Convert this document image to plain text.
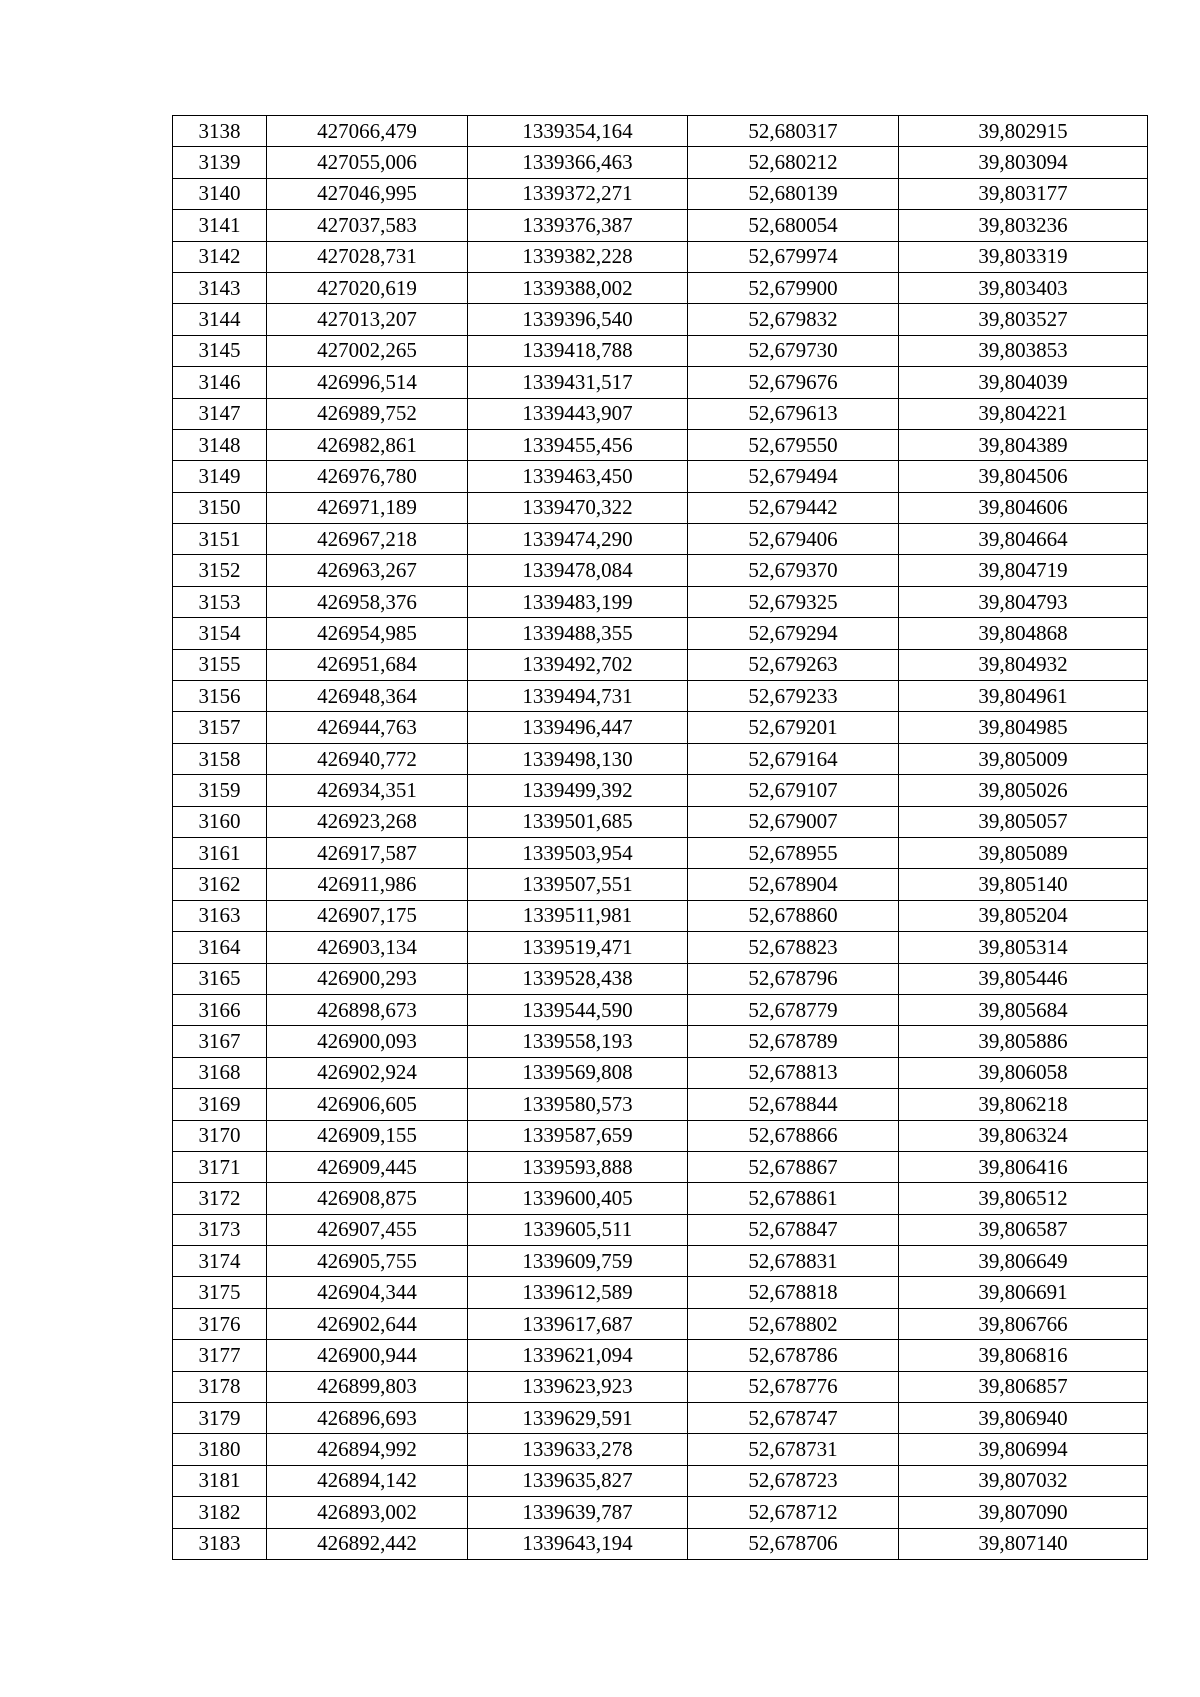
3138	427066,479	1339354,164	52,680317	39,802915
3139	427055,006	1339366,463	52,680212	39,803094
3140	427046,995	1339372,271	52,680139	39,803177
3141	427037,583	1339376,387	52,680054	39,803236
3142	427028,731	1339382,228	52,679974	39,803319
3143	427020,619	1339388,002	52,679900	39,803403
3144	427013,207	1339396,540	52,679832	39,803527
3145	427002,265	1339418,788	52,679730	39,803853
3146	426996,514	1339431,517	52,679676	39,804039
3147	426989,752	1339443,907	52,679613	39,804221
3148	426982,861	1339455,456	52,679550	39,804389
3149	426976,780	1339463,450	52,679494	39,804506
3150	426971,189	1339470,322	52,679442	39,804606
3151	426967,218	1339474,290	52,679406	39,804664
3152	426963,267	1339478,084	52,679370	39,804719
3153	426958,376	1339483,199	52,679325	39,804793
3154	426954,985	1339488,355	52,679294	39,804868
3155	426951,684	1339492,702	52,679263	39,804932
3156	426948,364	1339494,731	52,679233	39,804961
3157	426944,763	1339496,447	52,679201	39,804985
3158	426940,772	1339498,130	52,679164	39,805009
3159	426934,351	1339499,392	52,679107	39,805026
3160	426923,268	1339501,685	52,679007	39,805057
3161	426917,587	1339503,954	52,678955	39,805089
3162	426911,986	1339507,551	52,678904	39,805140
3163	426907,175	1339511,981	52,678860	39,805204
3164	426903,134	1339519,471	52,678823	39,805314
3165	426900,293	1339528,438	52,678796	39,805446
3166	426898,673	1339544,590	52,678779	39,805684
3167	426900,093	1339558,193	52,678789	39,805886
3168	426902,924	1339569,808	52,678813	39,806058
3169	426906,605	1339580,573	52,678844	39,806218
3170	426909,155	1339587,659	52,678866	39,806324
3171	426909,445	1339593,888	52,678867	39,806416
3172	426908,875	1339600,405	52,678861	39,806512
3173	426907,455	1339605,511	52,678847	39,806587
3174	426905,755	1339609,759	52,678831	39,806649
3175	426904,344	1339612,589	52,678818	39,806691
3176	426902,644	1339617,687	52,678802	39,806766
3177	426900,944	1339621,094	52,678786	39,806816
3178	426899,803	1339623,923	52,678776	39,806857
3179	426896,693	1339629,591	52,678747	39,806940
3180	426894,992	1339633,278	52,678731	39,806994
3181	426894,142	1339635,827	52,678723	39,807032
3182	426893,002	1339639,787	52,678712	39,807090
3183	426892,442	1339643,194	52,678706	39,807140
